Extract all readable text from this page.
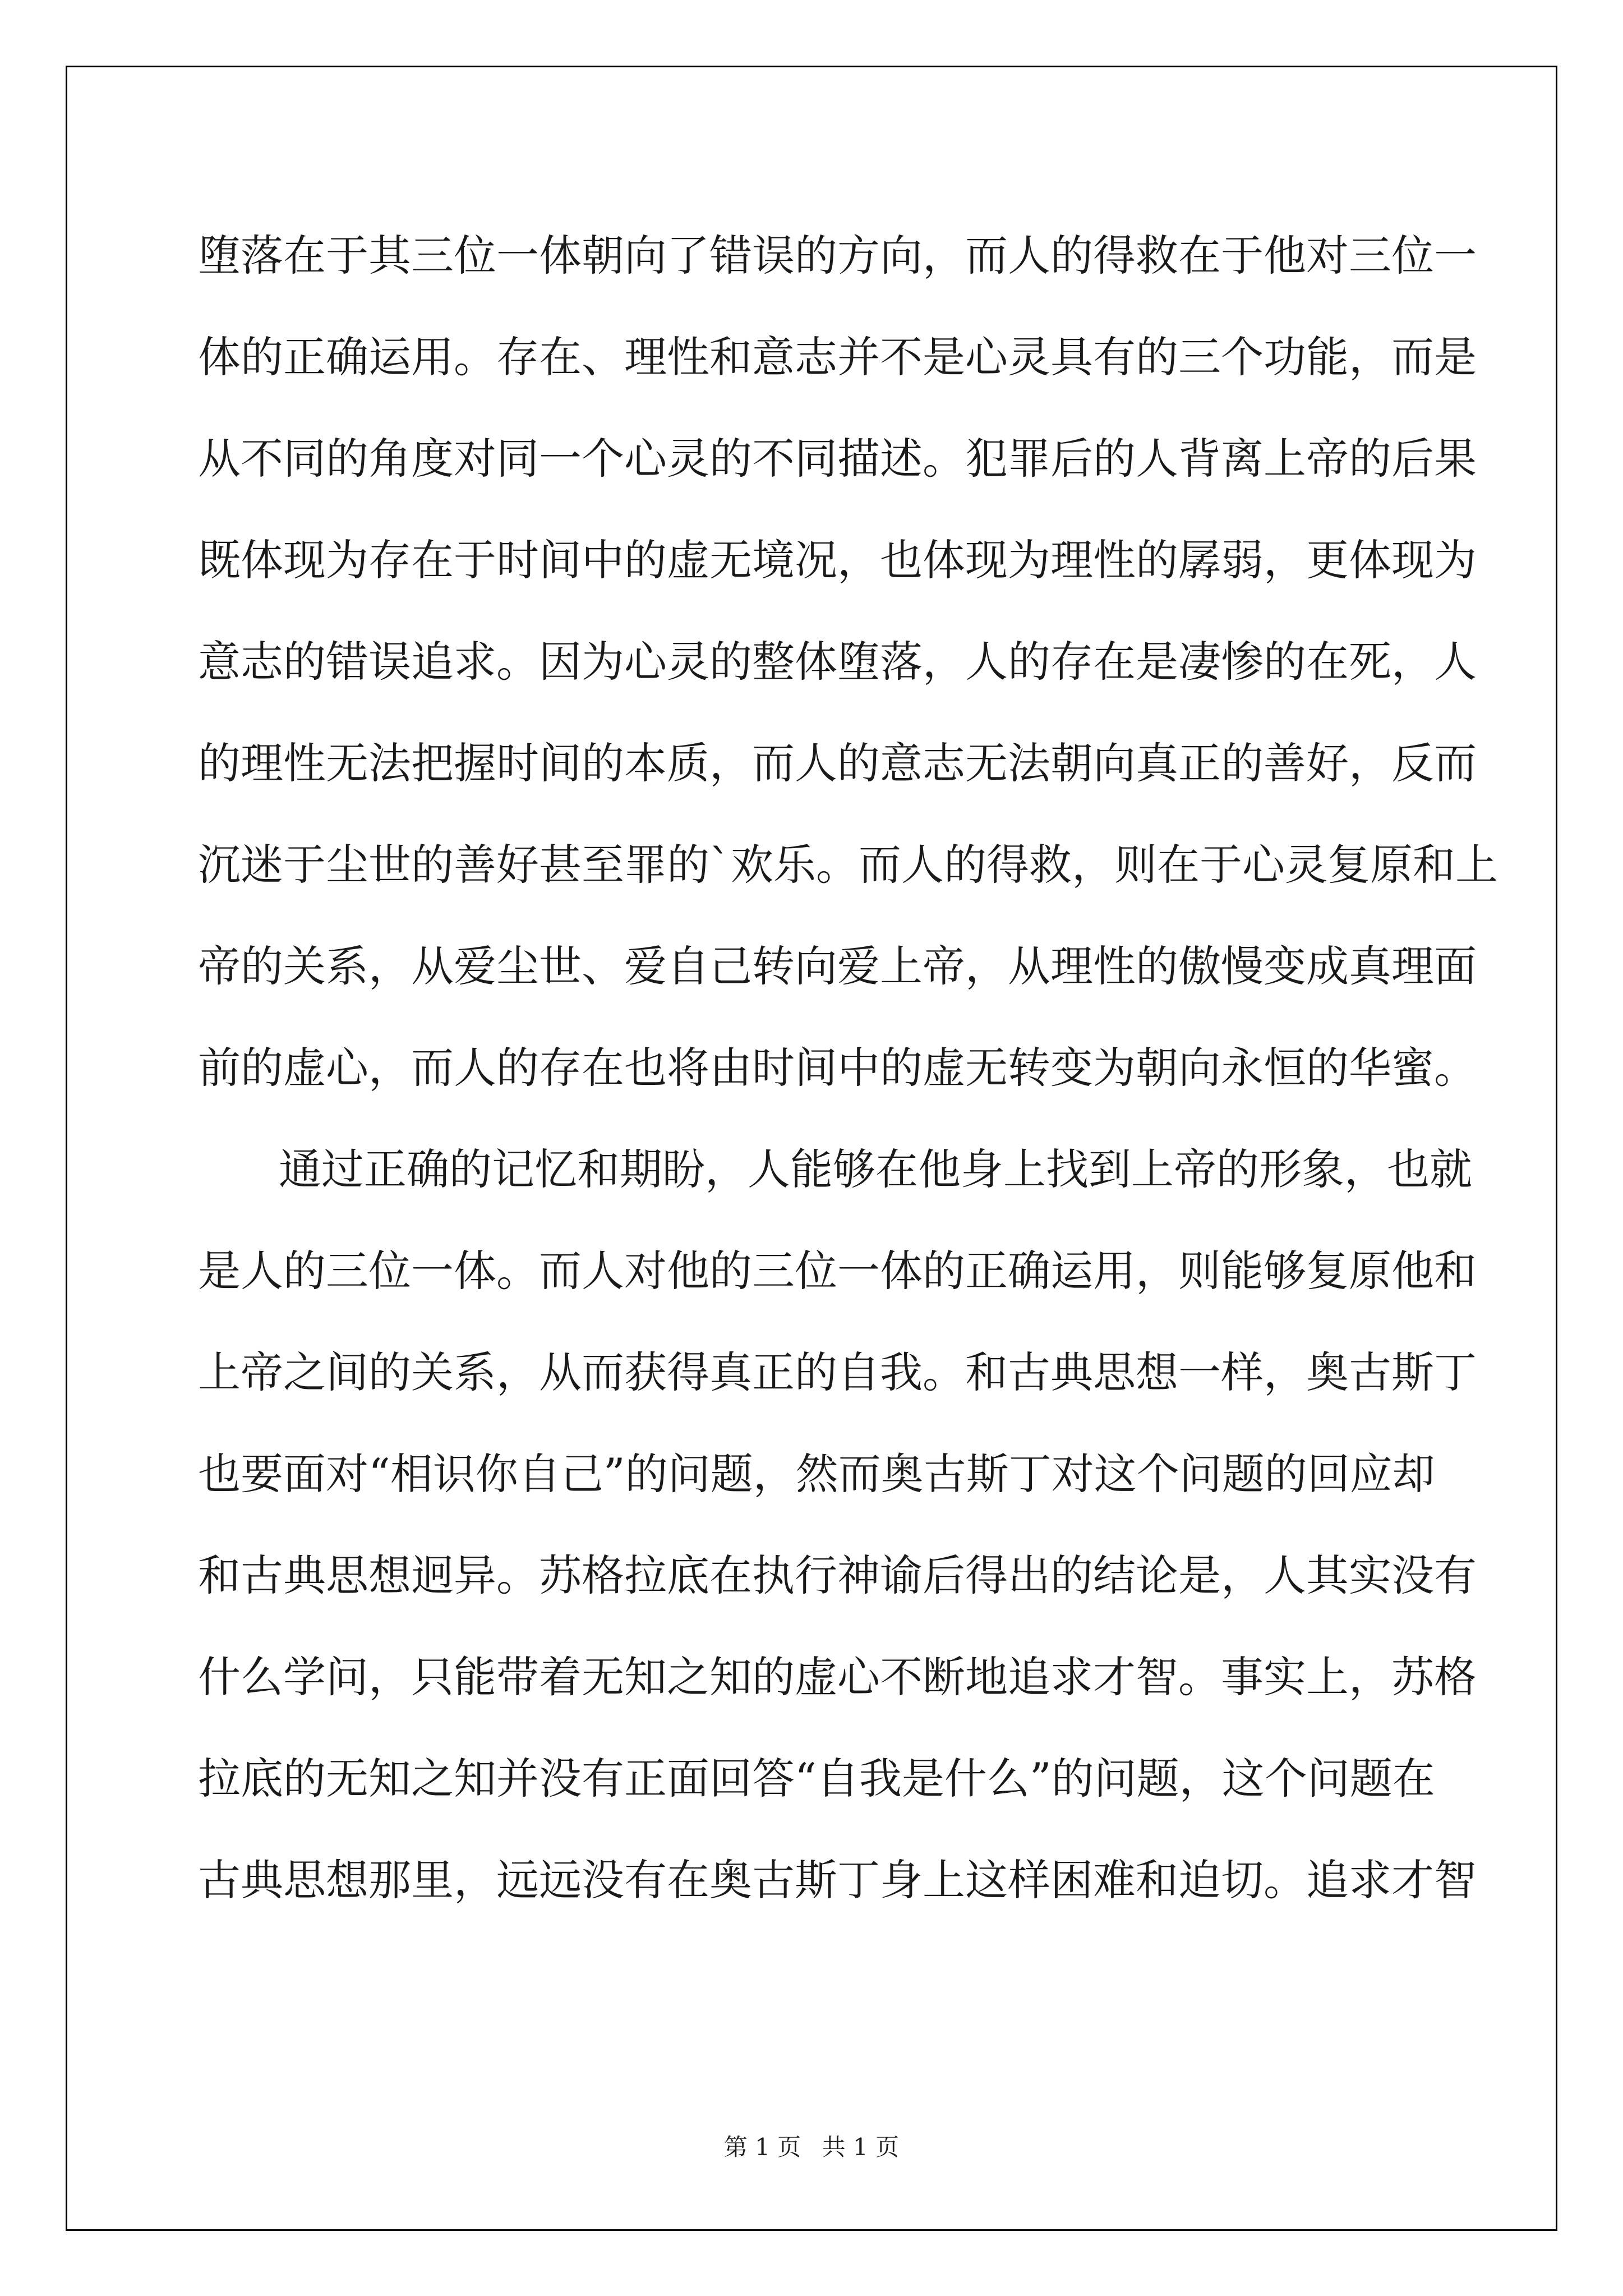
堕落在于其三位一体朝向了错误的方向，而人的得救在于他对三位一

体的正确运用。存在、理性和意志并不是心灵具有的三个功能，而是

从不同的角度对同一个心灵的不同描述。犯罪后的人背离上帝的后果

既体现为存在于时间中的虚无境况，也体现为理性的孱弱，更体现为

意志的错误追求。因为心灵的整体堕落，人的存在是凄惨的在死，人

的理性无法把握时间的本质，而人的意志无法朝向真正的善好，反而

沉迷于尘世的善好甚至罪的`欢乐。而人的得救，则在于心灵复原和上

帝的关系，从爱尘世、爱自己转向爱上帝，从理性的傲慢变成真理面

前的虚心，而人的存在也将由时间中的虚无转变为朝向永恒的华蜜。

通过正确的记忆和期盼，人能够在他身上找到上帝的形象，也就

是人的三位一体。而人对他的三位一体的正确运用，则能够复原他和

上帝之间的关系，从而获得真正的自我。和古典思想一样，奥古斯丁

也要面对“相识你自己”的问题，然而奥古斯丁对这个问题的回应却

和古典思想迥异。苏格拉底在执行神谕后得出的结论是，人其实没有

什么学问，只能带着无知之知的虚心不断地追求才智。事实上，苏格

拉底的无知之知并没有正面回答“自我是什么”的问题，这个问题在

古典思想那里，远远没有在奥古斯丁身上这样困难和迫切。追求才智

第 1 页 共 1 页
